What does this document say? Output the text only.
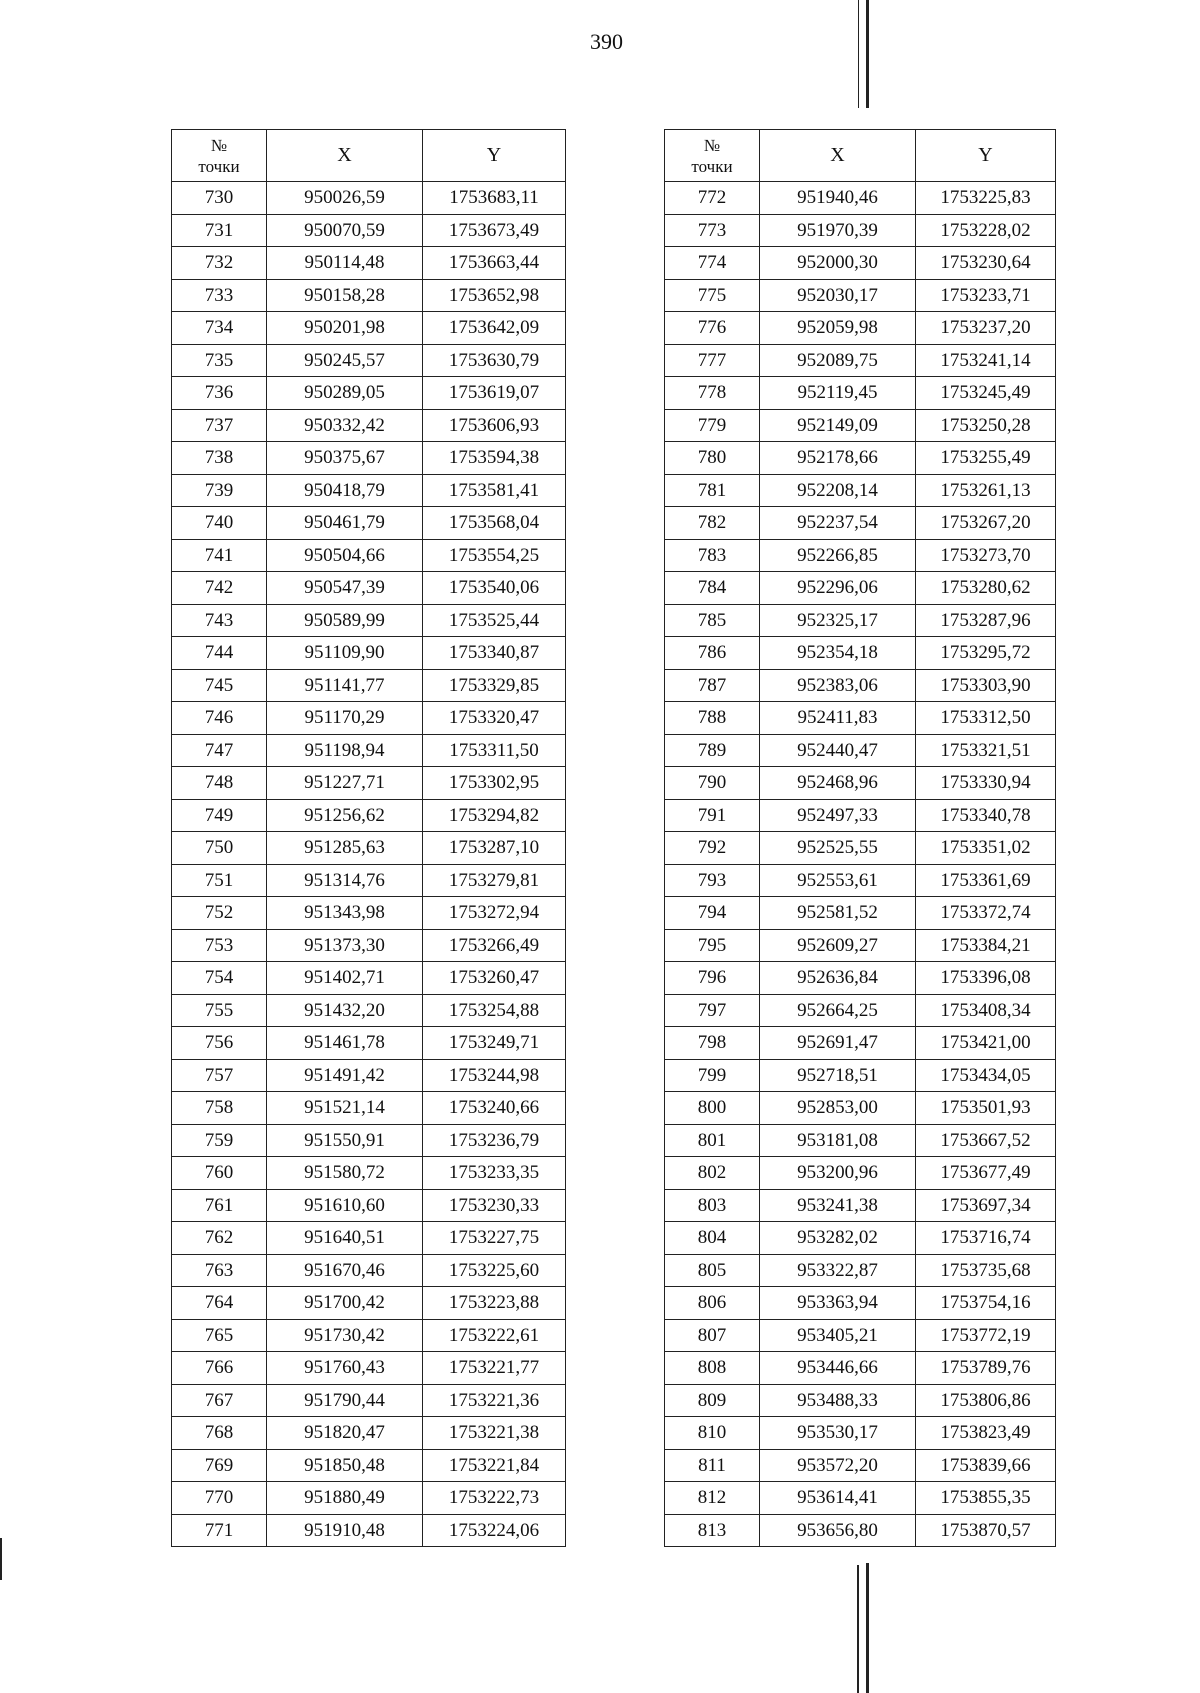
390
№
точки	X	Y
730	950026,59	1753683,11
731	950070,59	1753673,49
732	950114,48	1753663,44
733	950158,28	1753652,98
734	950201,98	1753642,09
735	950245,57	1753630,79
736	950289,05	1753619,07
737	950332,42	1753606,93
738	950375,67	1753594,38
739	950418,79	1753581,41
740	950461,79	1753568,04
741	950504,66	1753554,25
742	950547,39	1753540,06
743	950589,99	1753525,44
744	951109,90	1753340,87
745	951141,77	1753329,85
746	951170,29	1753320,47
747	951198,94	1753311,50
748	951227,71	1753302,95
749	951256,62	1753294,82
750	951285,63	1753287,10
751	951314,76	1753279,81
752	951343,98	1753272,94
753	951373,30	1753266,49
754	951402,71	1753260,47
755	951432,20	1753254,88
756	951461,78	1753249,71
757	951491,42	1753244,98
758	951521,14	1753240,66
759	951550,91	1753236,79
760	951580,72	1753233,35
761	951610,60	1753230,33
762	951640,51	1753227,75
763	951670,46	1753225,60
764	951700,42	1753223,88
765	951730,42	1753222,61
766	951760,43	1753221,77
767	951790,44	1753221,36
768	951820,47	1753221,38
769	951850,48	1753221,84
770	951880,49	1753222,73
771	951910,48	1753224,06
№
точки	X	Y
772	951940,46	1753225,83
773	951970,39	1753228,02
774	952000,30	1753230,64
775	952030,17	1753233,71
776	952059,98	1753237,20
777	952089,75	1753241,14
778	952119,45	1753245,49
779	952149,09	1753250,28
780	952178,66	1753255,49
781	952208,14	1753261,13
782	952237,54	1753267,20
783	952266,85	1753273,70
784	952296,06	1753280,62
785	952325,17	1753287,96
786	952354,18	1753295,72
787	952383,06	1753303,90
788	952411,83	1753312,50
789	952440,47	1753321,51
790	952468,96	1753330,94
791	952497,33	1753340,78
792	952525,55	1753351,02
793	952553,61	1753361,69
794	952581,52	1753372,74
795	952609,27	1753384,21
796	952636,84	1753396,08
797	952664,25	1753408,34
798	952691,47	1753421,00
799	952718,51	1753434,05
800	952853,00	1753501,93
801	953181,08	1753667,52
802	953200,96	1753677,49
803	953241,38	1753697,34
804	953282,02	1753716,74
805	953322,87	1753735,68
806	953363,94	1753754,16
807	953405,21	1753772,19
808	953446,66	1753789,76
809	953488,33	1753806,86
810	953530,17	1753823,49
811	953572,20	1753839,66
812	953614,41	1753855,35
813	953656,80	1753870,57
